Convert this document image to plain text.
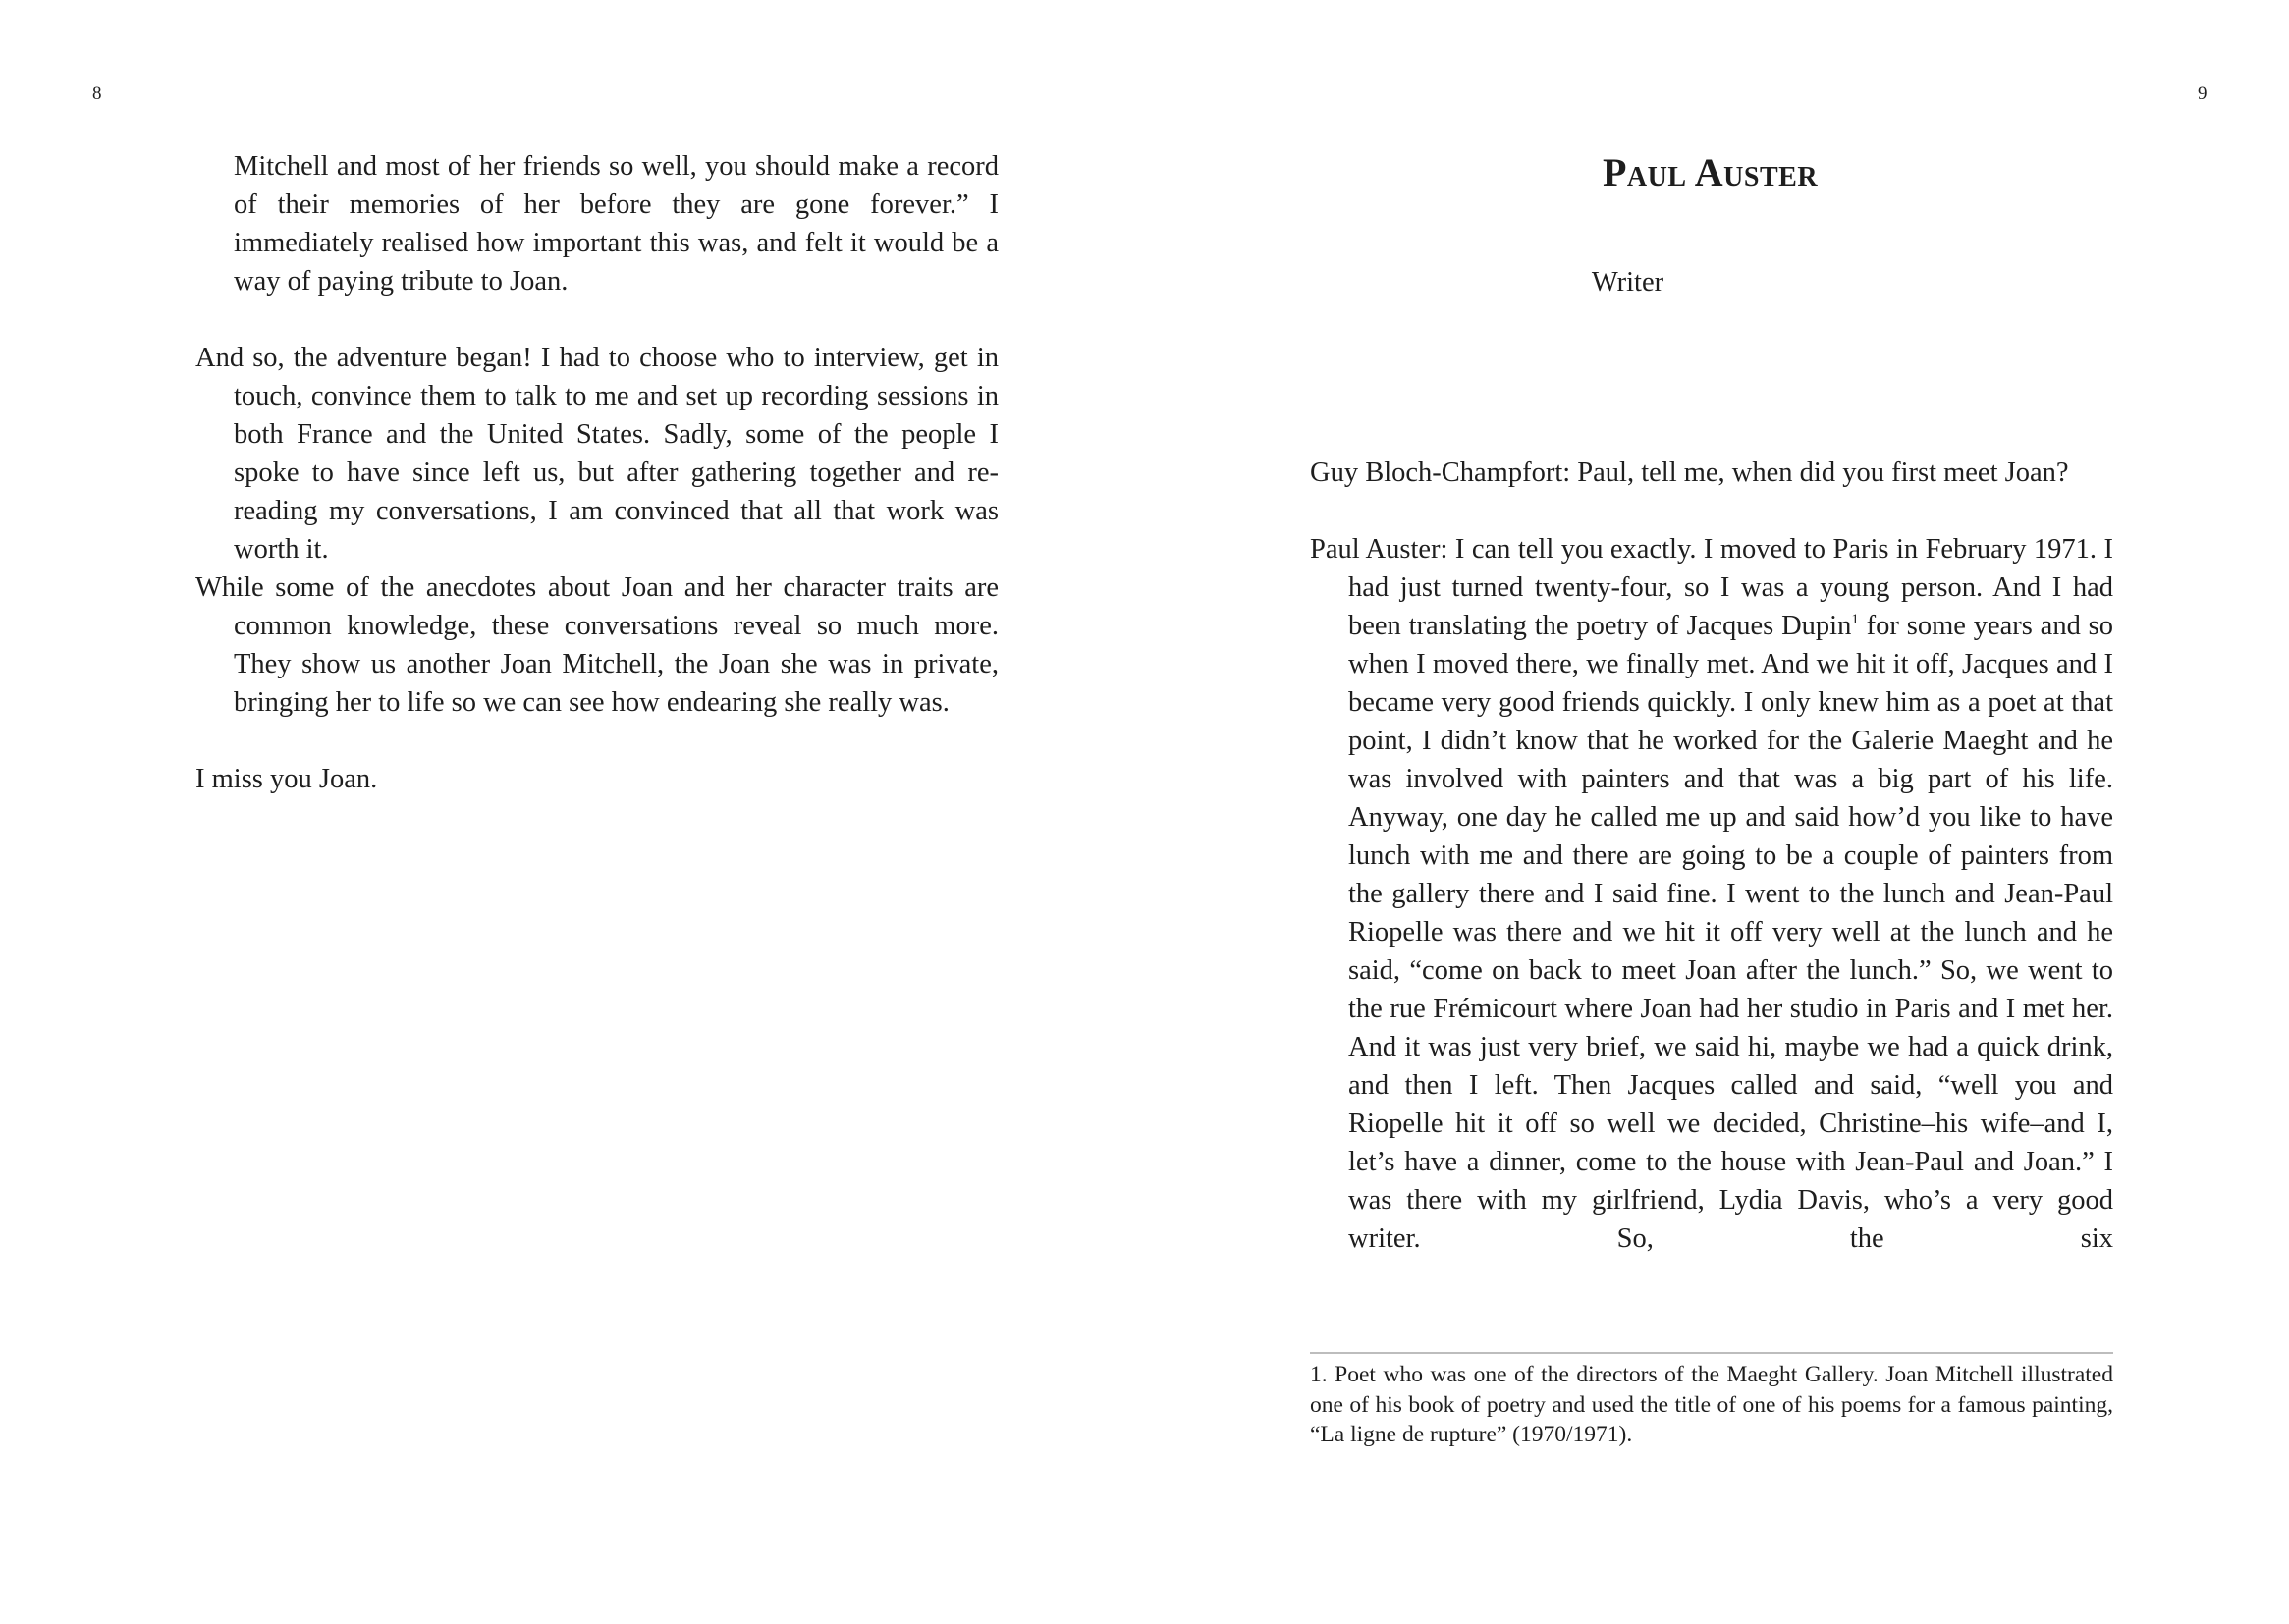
8

Mitchell and most of her friends so well, you should make a record of their memories of her before they are gone forever.” I immediately realised how important this was, and felt it would be a way of paying tribute to Joan.

And so, the adventure began! I had to choose who to interview, get in touch, convince them to talk to me and set up recording sessions in both France and the United States. Sadly, some of the people I spoke to have since left us, but after gathering together and re-reading my conversations, I am convinced that all that work was worth it.

While some of the anecdotes about Joan and her character traits are common knowledge, these conversations reveal so much more. They show us another Joan Mitchell, the Joan she was in private, bringing her to life so we can see how endearing she really was.

I miss you Joan.

9
Paul Auster
Writer

Guy Bloch-Champfort: Paul, tell me, when did you first meet Joan?

Paul Auster: I can tell you exactly. I moved to Paris in February 1971. I had just turned twenty-four, so I was a young person. And I had been translating the poetry of Jacques Dupin$^1$ for some years and so when I moved there, we finally met. And we hit it off, Jacques and I became very good friends quickly. I only knew him as a poet at that point, I didn’t know that he worked for the Galerie Maeght and he was involved with painters and that was a big part of his life. Anyway, one day he called me up and said how’d you like to have lunch with me and there are going to be a couple of painters from the gallery there and I said fine. I went to the lunch and Jean-Paul Riopelle was there and we hit it off very well at the lunch and he said, “come on back to meet Joan after the lunch.” So, we went to the rue Frémicourt where Joan had her studio in Paris and I met her. And it was just very brief, we said hi, maybe we had a quick drink, and then I left. Then Jacques called and said, “well you and Riopelle hit it off so well we decided, Christine–his wife–and I, let’s have a dinner, come to the house with Jean-Paul and Joan.” I was there with my girlfriend, Lydia Davis, who’s a very good writer. So, the six

1. Poet who was one of the directors of the Maeght Gallery. Joan Mitchell illustrated one of his book of poetry and used the title of one of his poems for a famous painting, “La ligne de rupture” (1970/1971).
